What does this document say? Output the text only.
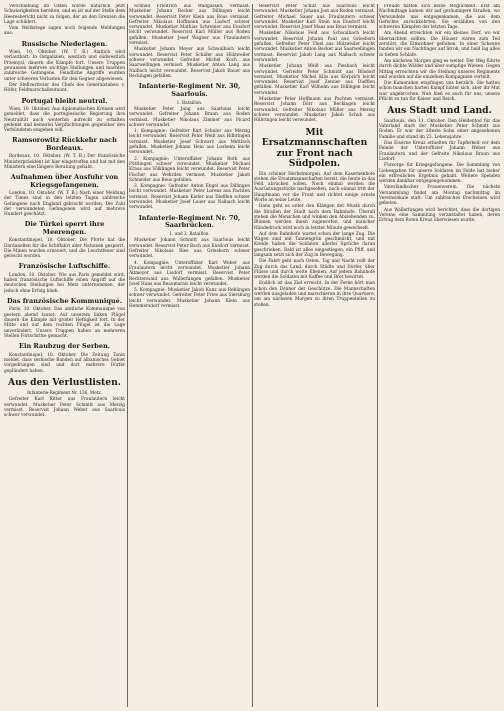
Verschiebung im Osten würde natürlich jetzt Schwierigkeiten bereiten, und es ist auf der Stelle dem Heeresbericht nicht zu folgen, der an den Grenzen die Lage schildert.

Vom Weltkriege sagen noch folgende Meldungen aus:

Russische Niederlagen.

Wien, 10. Oktober. (W. T. B.) Amtlich wird verlautbart: In Ostgalizien, westlich und südwestlich Przemysl, dauern die Kämpfe fort. Unsere Truppen gewannen mehrere wichtige Stellungen und machten zahlreiche Gefangene. Feindliche Angriffe wurden unter schweren Verlusten für den Gegner abgewiesen.

Der Stellvertreter des Chefs des Generalstabes: v. Höfer, Feldmarschalleutnant.

Portugal bleibt neutral.

Wien, 10. Oktober. Aus diplomatischen Kreisen wird gemeldet, dass die portugiesische Regierung ihre Neutralität auch weiterhin aufrecht zu erhalten gedenkt und keinerlei Verpflichtungen gegenüber den Verbündeten eingehen will.

Ramsorowitz Rückkehr nach Bordeaux.

Bordeaux, 10. Oktober. (W. T. B.) Der französische Ministerpräsident ist hier eingetroffen und hat mit den Ministern eine längere Beratung gehabt.

Aufnahmen über Ausfuhr von Kriegsgefangenen.

London, 10. Oktober. (W. T. B.) Nach einer Meldung der Times sind in den letzten Tagen zahlreiche Gefangene nach England gebracht worden. Die Zahl der verwundeten Gefangenen wird auf mehrere Hundert geschätzt.

Die Türkei sperrt ihre Meerengen.

Konstantinopel, 10. Oktober. Die Pforte hat die Dardanellen für die Schiffahrt aller Nationen gesperrt. Die Minen wurden erneuert, und die Leuchtfeuer sind gelöscht worden.

Französische Luftschiffe.

London, 10. Oktober. Wie aus Paris gemeldet wird, haben französische Luftschiffe einen Angriff auf die deutschen Stellungen bei Metz unternommen, der jedoch ohne Erfolg blieb.

Das französische Kommuniqué.

Paris, 10. Oktober. Das amtliche Kommuniqué von gestern abend lautet: Auf unserem linken Flügel dauern die Kämpfe mit großer Heftigkeit fort. In der Mitte und auf dem rechten Flügel ist die Lage unverändert. Unsere Truppen haben an mehreren Stellen Fortschritte gemacht.

Ein Raubzug der Serben.

Konstantinopel, 10. Oktober. Die Zeitung Tanin meldet, dass serbische Banden auf albanisches Gebiet vorgedrungen sind und dort mehrere Dörfer geplündert haben.

Aus den Verlustlisten.
Infanterie-Regiment Nr. 136, Metz.

Gefreiter Karl Ritter aus Fraulautern leicht verwundet. Musketier Peter Schmitt aus Merzig vermisst. Reservist Johann Weber aus Saarlouis schwer verwundet.

Schnell Friedrich aus Wadgassen, vermisst. Musketier Johann Becker aus Dillingen leicht verwundet. Reservist Peter Klein aus Bous vermisst. Gefreiter Nikolaus Hoffmann aus Lisdorf schwer verwundet. Musketier Mathias Schreiner aus Ensdorf leicht verwundet. Reservist Karl Müller aus Roden gefallen. Musketier Josef Wagner aus Fraulautern vermisst.

Musketier Johann Meyer aus Schwalbach leicht verwundet. Reservist Peter Schäfer aus Hülzweiler schwer verwundet. Gefreiter Michel Koch aus Saarwellingen vermisst. Musketier Anton Lang aus Nalbach leicht verwundet. Reservist Jakob Bauer aus Beckingen gefallen.

Infanterie-Regiment Nr. 30, Saarlouis.
1. Bataillon.

Musketier Peter Jung aus Saarlouis leicht verwundet. Gefreiter Johann Braun aus Roden vermisst. Musketier Nikolaus Zimmer aus Picard schwer verwundet.

1. Kompagnie: Gefreiter Karl Schuler aus Merzig leicht verwundet. Reservist Peter Weiß aus Hilbringen vermisst. Musketier Josef Schwarz aus Mettlach gefallen. Musketier Johann Hein aus Losheim leicht verwundet.

2. Kompagnie: Unteroffizier Johann Roth aus Püttlingen schwer verwundet. Musketier Michael Kraus aus Völklingen leicht verwundet. Reservist Peter Fischer aus Wehrden vermisst. Musketier Jakob Schneider aus Bous gefallen.

3. Kompagnie: Gefreiter Anton Engel aus Dillingen leicht verwundet. Musketier Peter Lorenz aus Pachten vermisst. Reservist Johann Kiefer aus Diefflen schwer verwundet. Musketier Josef Lauer aus Nalbach leicht verwundet.

Infanterie-Regiment Nr. 70, Saarbrücken.
1. und 2. Bataillon.

Musketier Johann Schmitt aus Saarlouis leicht verwundet. Reservist Peter Bach aus Ensdorf vermisst. Gefreiter Nikolaus Ries aus Griesborn schwer verwundet.

4. Kompagnie: Unteroffizier Karl Weber aus Fraulautern leicht verwundet. Musketier Johann Altmeyer aus Lisdorf vermisst. Reservist Peter Recktenwald aus Wallerfangen gefallen. Musketier Josef Hans aus Beaumarais leicht verwundet.

5. Kompagnie: Musketier Jakob Kunz aus Rehlingen schwer verwundet. Gefreiter Peter Fries aus Siersburg leicht verwundet. Musketier Johann Klein aus Hemmersdorf vermisst.

Reservist Peter Schilz aus Saarlouis leicht verwundet. Musketier Johann Jost aus Roden vermisst. Gefreiter Michael Sauer aus Fraulautern schwer verwundet. Musketier Karl Stein aus Ensdorf leicht verwundet. Reservist Josef Maas aus Bous vermisst.

Musketier Nikolaus Feld aus Schwalbach leicht verwundet. Reservist Johann Paul aus Griesborn gefallen. Gefreiter Peter Thiel aus Hülzweiler leicht verwundet. Musketier Anton Becker aus Saarwellingen vermisst. Reservist Jakob Lang aus Nalbach schwer verwundet.

Musketier Johann Weiß aus Piesbach leicht verwundet. Gefreiter Peter Schmidt aus Bilsdorf vermisst. Musketier Michel Kläs aus Körprich leicht verwundet. Reservist Josef Zenner aus Diefflen gefallen. Musketier Karl Wilhelm aus Dillingen leicht verwundet.

Musketier Peter Hoffmann aus Pachten vermisst. Reservist Johann Dörr aus Beckingen leicht verwundet. Gefreiter Nikolaus Müller aus Merzig schwer verwundet. Musketier Jakob Schuh aus Hilbringen leicht verwundet.

Mit Ersatzmannschaften zur Front nach Südpolen.

Ein schöner Herbstmorgen. Auf dem Kasernenhofe stehen die Ersatzmannschaften bereit, die heute in das Feld abrücken sollen. Noch einmal werden die Ausrüstungsstücke nachgesehen, noch einmal tritt der Hauptmann vor die Front und richtet einige ernste Worte an seine Leute.

Dann geht es unter den Klängen der Musik durch die Straßen der Stadt nach dem Bahnhofe. Überall stehen die Menschen und winken den Abziehenden zu. Blumen werden ihnen zugeworfen, und mancher Händedruck wird noch in letzter Minute gewechselt.

Auf dem Bahnhofe wartet schon der lange Zug. Die Wagen sind mit Tannengrün geschmückt, und mit Kreide haben die Soldaten allerlei Sprüche daran geschrieben. Bald ist alles eingestiegen, ein Pfiff, und langsam setzt sich der Zug in Bewegung.

Die Fahrt geht nach Osten. Tag und Nacht rollt der Zug durch das Land, durch Städte und Dörfer, über Flüsse und durch weite Ebenen. Auf jedem Bahnhofe werden die Soldaten mit Kaffee und Brot bewirtet.

Endlich ist das Ziel erreicht. In der Ferne hört man schon den Donner der Geschütze. Die Mannschaften werden ausgeladen und marschieren in ihre Quartiere, um am nächsten Morgen zu ihren Truppenteilen zu stoßen.

Freude hatten sich keine Möglichkeit. Erst am Nachmittage kamen wir auf geräumigere Straßen, wo Verwundete uns entgegenkamen, die aus dem Gefechte zurückkehrten. Sie erzählten von den schweren Kämpfen der letzten Tage.

Am Abend erreichten wir ein kleines Dorf, wo wir übernachten sollten. Die Häuser waren zum Teil zerstört, die Einwohner geflohen. In einer Scheune fanden wir ein Nachtlager auf Stroh, und bald lag alles in tiefem Schlafe.

Am nächsten Morgen ging es weiter. Der Weg führte durch dichte Wälder und über sumpfige Wiesen. Gegen Mittag erreichten wir die Stellung unseres Regiments und wurden auf die einzelnen Kompagnien verteilt.

Die Kameraden empfingen uns herzlich. Sie hatten schon manchen harten Kampf hinter sich, aber ihr Mut war ungebrochen. Nun hieß es auch für uns, unsere Pflicht zu tun für Kaiser und Reich.

Aus Stadt und Land.

Saarlouis, den 11. Oktober. Den Heldentod für das Vaterland starb der Musketier Peter Schmitt aus Roden. Er war der älteste Sohn einer angesehenen Familie und stand im 23. Lebensjahre.

Das Eiserne Kreuz erhielten für Tapferkeit vor dem Feinde der Unteroffizier Johann Weber aus Fraulautern und der Gefreite Nikolaus Braun aus Lisdorf.

Fürsorge für Kriegsgefangene. Die Sammlung von Liebesgaben für unsere Soldaten im Felde hat bisher ein erfreuliches Ergebnis gehabt. Weitere Spenden werden dankbar entgegengenommen.

Vaterländischer Frauenverein. Die nächste Versammlung findet am Montag nachmittag im Vereinslokale statt. Um zahlreiches Erscheinen wird gebeten.

Aus Wallerfangen wird berichtet, dass die dortigen Vereine eine Sammlung veranstaltet haben, deren Ertrag dem Roten Kreuz überwiesen wurde.
